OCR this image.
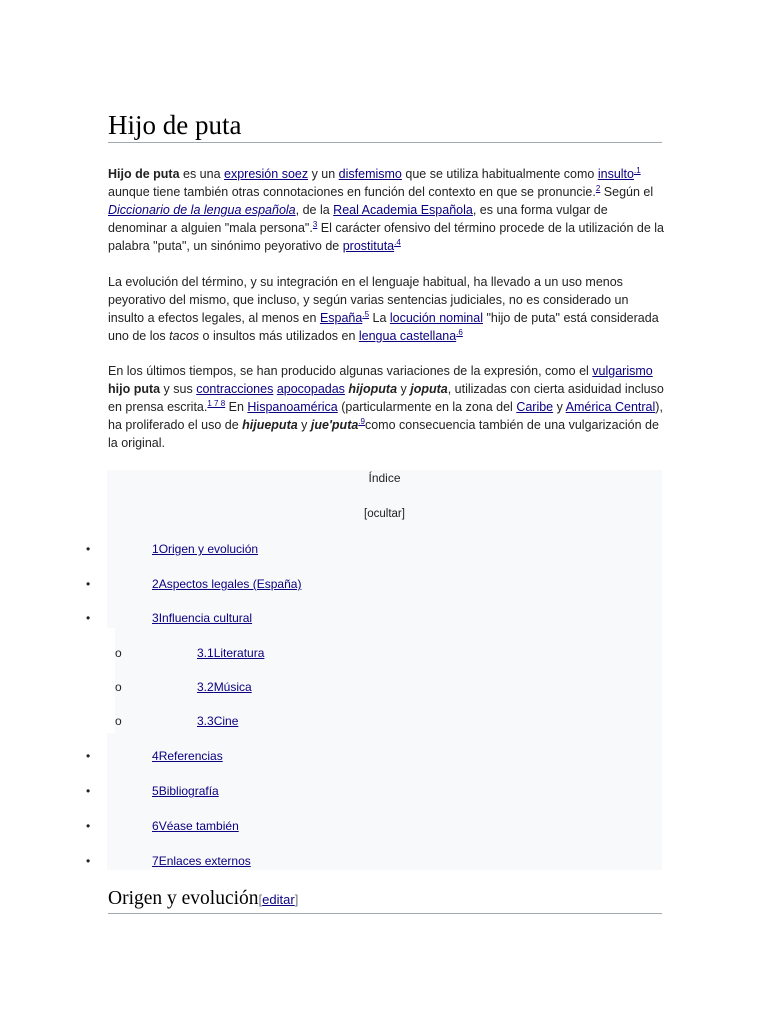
Hijo de puta

Hijo de puta es una expresión soez y un disfemismo que se utiliza habitualmente como insulto$^{.1}$ aunque tiene también otras connotaciones en función del contexto en que se pronuncie.$^2$ Según el Diccionario de la lengua española, de la Real Academia Española, es una forma vulgar de denominar a alguien "mala persona".$^3$ El carácter ofensivo del término procede de la utilización de la palabra "puta", un sinónimo peyorativo de prostituta$^{.4}$

La evolución del término, y su integración en el lenguaje habitual, ha llevado a un uso menos peyorativo del mismo, que incluso, y según varias sentencias judiciales, no es considerado un insulto a efectos legales, al menos en España$^{.5}$ La locución nominal "hijo de puta" está considerada uno de los tacos o insultos más utilizados en lengua castellana$^{.6}$

En los últimos tiempos, se han producido algunas variaciones de la expresión, como el vulgarismo hijo puta y sus contracciones apocopadas hijoputa y joputa, utilizadas con cierta asiduidad incluso en prensa escrita.$^{1 7 8}$ En Hispanoamérica (particularmente en la zona del Caribe y América Central), ha proliferado el uso de hijueputa y jue'puta$^{.9}$como consecuencia también de una vulgarización de la original.

Índice
[ocultar]
•	1Origen y evolución
•	2Aspectos legales (España)
•	3Influencia cultural
o	3.1Literatura
o	3.2Música
o	3.3Cine
•	4Referencias
•	5Bibliografía
•	6Véase también
•	7Enlaces externos
Origen y evolución[editar]
